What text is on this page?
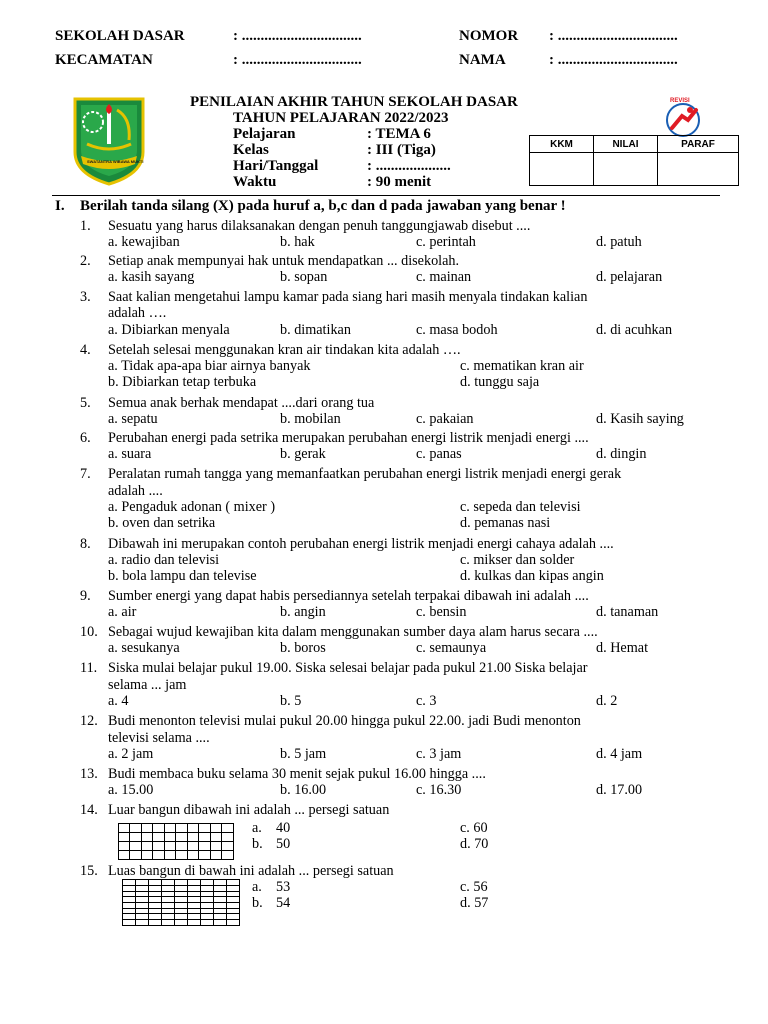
SEKOLAH DASAR	: ................................	NOMOR : ................................
KECAMATAN	: ................................	NAMA	: ................................
SWATANTRA WIBAWA MUKTI
REVISI
PENILAIAN AKHIR TAHUN SEKOLAH DASAR
TAHUN PELAJARAN 2022/2023
Pelajaran	: TEMA 6
Kelas	: III (Tiga)
Hari/Tanggal	: ....................
Waktu	: 90 menit
KKM	NILAI	PARAF

I. Berilah tanda silang (X) pada huruf a, b,c dan d pada jawaban yang benar !
1. Sesuatu yang harus dilaksanakan dengan penuh tanggungjawab disebut ....
a. kewajiban	b. hak	c. perintah	d. patuh
2. Setiap anak mempunyai hak untuk mendapatkan ... disekolah.
a. kasih sayang	b. sopan	c. mainan	d. pelajaran
3. Saat kalian mengetahui lampu kamar pada siang hari masih menyala tindakan kalian
adalah ….
a. Dibiarkan menyala	b. dimatikan	c. masa bodoh	d. di acuhkan
4. Setelah selesai menggunakan kran air tindakan kita adalah ….
a. Tidak apa-apa biar airnya banyak	c. mematikan kran air
b. Dibiarkan tetap terbuka	d. tunggu saja
5. Semua anak berhak mendapat ....dari orang tua
a. sepatu	b. mobilan	c. pakaian	d. Kasih saying
6. Perubahan energi pada setrika merupakan perubahan energi listrik menjadi energi ....
a. suara	b. gerak	c. panas	d. dingin
7. Peralatan rumah tangga yang memanfaatkan perubahan energi listrik menjadi energi gerak
adalah ....
a. Pengaduk adonan ( mixer )	c. sepeda dan televisi
b. oven dan setrika	d. pemanas nasi
8. Dibawah ini merupakan contoh perubahan energi listrik menjadi energi cahaya adalah ....
a. radio dan televisi	c. mikser dan solder
b. bola lampu dan televise	d. kulkas dan kipas angin
9. Sumber energi yang dapat habis persediannya setelah terpakai dibawah ini adalah ....
a. air	b. angin	c. bensin	d. tanaman
10. Sebagai wujud kewajiban kita dalam menggunakan sumber daya alam harus secara ....
a. sesukanya	b. boros	c. semaunya	d. Hemat
11. Siska mulai belajar pukul 19.00. Siska selesai belajar pada pukul 21.00 Siska belajar
selama ... jam
a. 4	b. 5	c. 3	d. 2
12. Budi menonton televisi mulai pukul 20.00 hingga pukul 22.00. jadi Budi menonton
televisi selama ....
a. 2 jam	b. 5 jam	c. 3 jam	d. 4 jam
13. Budi membaca buku selama 30 menit sejak pukul 16.00 hingga ....
a. 15.00	b. 16.00	c. 16.30	d. 17.00
14. Luar bangun dibawah ini adalah ... persegi satuan
a. 40	c. 60
b. 50	d. 70
15. Luas bangun di bawah ini adalah ... persegi satuan
a. 53	c. 56
b. 54	d. 57
